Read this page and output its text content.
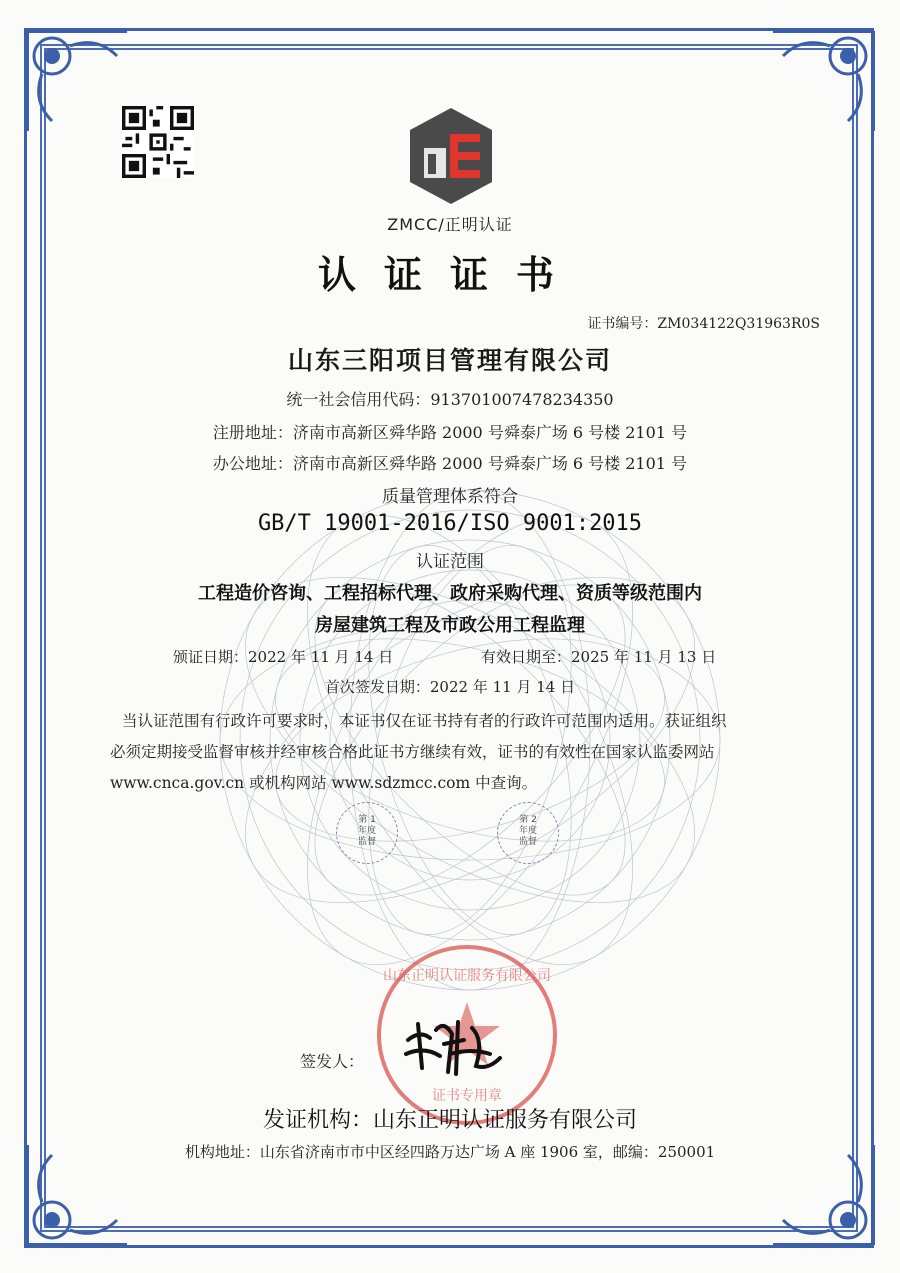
ZMCC/正明认证
认证证书
证书编号：ZM034122Q31963R0S
山东三阳项目管理有限公司
统一社会信用代码：913701007478234350
注册地址：济南市高新区舜华路 2000 号舜泰广场 6 号楼 2101 号
办公地址：济南市高新区舜华路 2000 号舜泰广场 6 号楼 2101 号
质量管理体系符合
GB/T 19001-2016/ISO 9001:2015
认证范围
工程造价咨询、工程招标代理、政府采购代理、资质等级范围内
房屋建筑工程及市政公用工程监理
颁证日期：2022 年 11 月 14 日	有效日期至：2025 年 11 月 13 日
首次签发日期：2022 年 11 月 14 日
当认证范围有行政许可要求时，本证书仅在证书持有者的行政许可范围内适用。获证组织
必须定期接受监督审核并经审核合格此证书方继续有效，证书的有效性在国家认监委网站
www.cnca.gov.cn 或机构网站 www.sdzmcc.com 中查询。
第 1
年度
监督
第 2
年度
监督
山东正明认证服务有限公司
证书专用章
签发人：
发证机构：山东正明认证服务有限公司
机构地址：山东省济南市市中区经四路万达广场 A 座 1906 室，邮编：250001
